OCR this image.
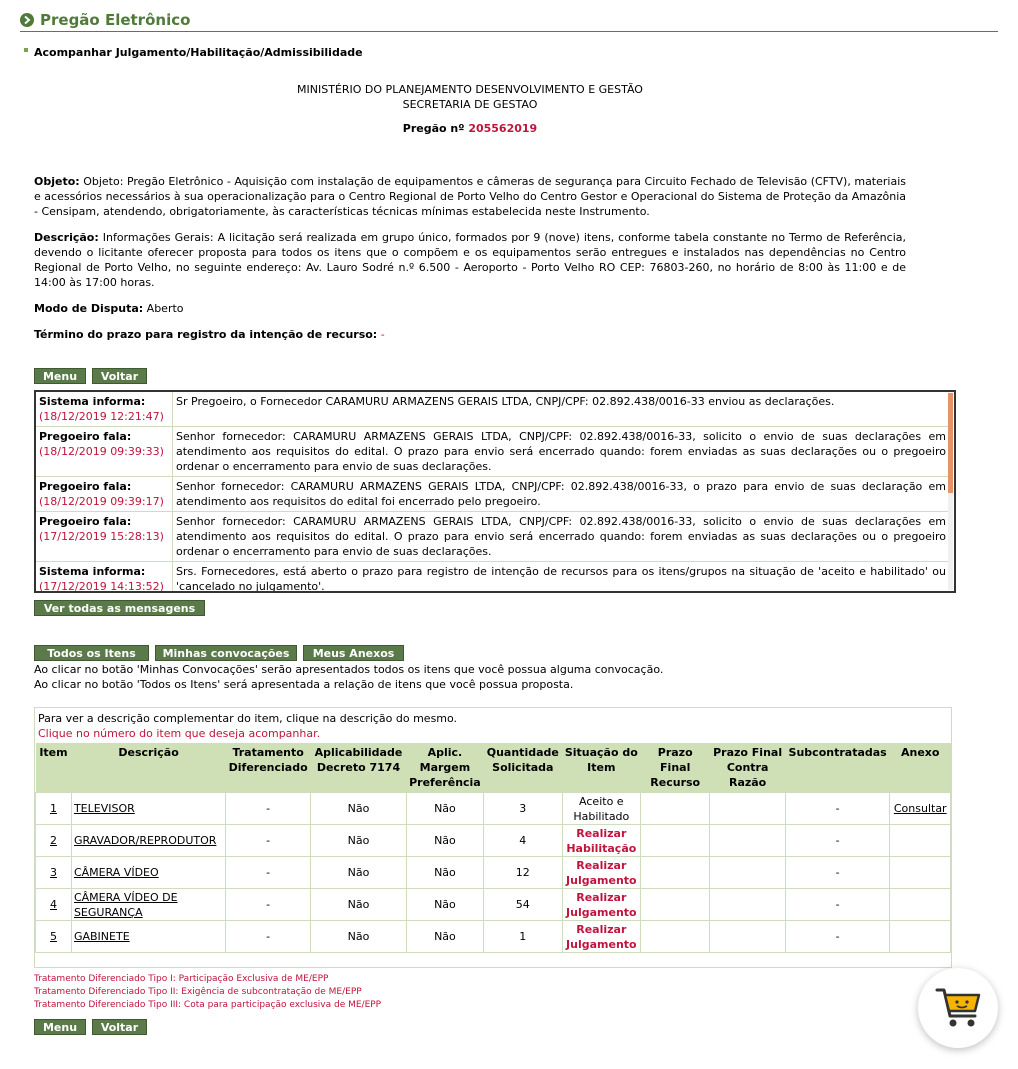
Pregão Eletrônico
Acompanhar Julgamento/Habilitação/Admissibilidade
MINISTÉRIO DO PLANEJAMENTO DESENVOLVIMENTO E GESTÃO
SECRETARIA DE GESTAO
Pregão nº 205562019
Objeto: Objeto: Pregão Eletrônico - Aquisição com instalação de equipamentos e câmeras de segurança para Circuito Fechado de Televisão (CFTV), materiais e acessórios necessários à sua operacionalização para o Centro Regional de Porto Velho do Centro Gestor e Operacional do Sistema de Proteção da Amazônia - Censipam, atendendo, obrigatoriamente, às características técnicas mínimas estabelecida neste Instrumento.
Descrição: Informações Gerais: A licitação será realizada em grupo único, formados por 9 (nove) itens, conforme tabela constante no Termo de Referência, devendo o licitante oferecer proposta para todos os itens que o compõem e os equipamentos serão entregues e instalados nas dependências no Centro Regional de Porto Velho, no seguinte endereço: Av. Lauro Sodré n.º 6.500 - Aeroporto - Porto Velho RO CEP: 76803-260, no horário de 8:00 às 11:00 e de 14:00 às 17:00 horas.
Modo de Disputa: Aberto
Término do prazo para registro da intenção de recurso: -
Menu	Voltar
Sistema informa:
(18/12/2019 12:21:47)	Sr Pregoeiro, o Fornecedor CARAMURU ARMAZENS GERAIS LTDA, CNPJ/CPF: 02.892.438/0016-33 enviou as declarações.
Pregoeiro fala:
(18/12/2019 09:39:33)	Senhor fornecedor: CARAMURU ARMAZENS GERAIS LTDA, CNPJ/CPF: 02.892.438/0016-33, solicito o envio de suas declarações em atendimento aos requisitos do edital. O prazo para envio será encerrado quando: forem enviadas as suas declarações ou o pregoeiro ordenar o encerramento para envio de suas declarações.
Pregoeiro fala:
(18/12/2019 09:39:17)	Senhor fornecedor: CARAMURU ARMAZENS GERAIS LTDA, CNPJ/CPF: 02.892.438/0016-33, o prazo para envio de suas declaração em atendimento aos requisitos do edital foi encerrado pelo pregoeiro.
Pregoeiro fala:
(17/12/2019 15:28:13)	Senhor fornecedor: CARAMURU ARMAZENS GERAIS LTDA, CNPJ/CPF: 02.892.438/0016-33, solicito o envio de suas declarações em atendimento aos requisitos do edital. O prazo para envio será encerrado quando: forem enviadas as suas declarações ou o pregoeiro ordenar o encerramento para envio de suas declarações.
Sistema informa:
(17/12/2019 14:13:52)	Srs. Fornecedores, está aberto o prazo para registro de intenção de recursos para os itens/grupos na situação de 'aceito e habilitado' ou 'cancelado no julgamento'.
Ver todas as mensagens
Todos os Itens	Minhas convocações	Meus Anexos
Ao clicar no botão 'Minhas Convocações' serão apresentados todos os itens que você possua alguma convocação.
Ao clicar no botão 'Todos os Itens' será apresentada a relação de itens que você possua proposta.
Para ver a descrição complementar do item, clique na descrição do mesmo.
Clique no número do item que deseja acompanhar.
Item	Descrição	Tratamento Diferenciado	Aplicabilidade Decreto 7174	Aplic. Margem Preferência	Quantidade Solicitada	Situação do Item	Prazo Final Recurso	Prazo Final Contra Razão	Subcontratadas	Anexo
1	TELEVISOR	-	Não	Não	3	Aceito e Habilitado			-	Consultar
2	GRAVADOR/REPRODUTOR	-	Não	Não	4	Realizar Habilitação			-	
3	CÂMERA VÍDEO	-	Não	Não	12	Realizar Julgamento			-	
4	CÂMERA VÍDEO DE SEGURANÇA	-	Não	Não	54	Realizar Julgamento			-	
5	GABINETE	-	Não	Não	1	Realizar Julgamento			-	
Tratamento Diferenciado Tipo I: Participação Exclusiva de ME/EPP
Tratamento Diferenciado Tipo II: Exigência de subcontratação de ME/EPP
Tratamento Diferenciado Tipo III: Cota para participação exclusiva de ME/EPP
Menu	Voltar
